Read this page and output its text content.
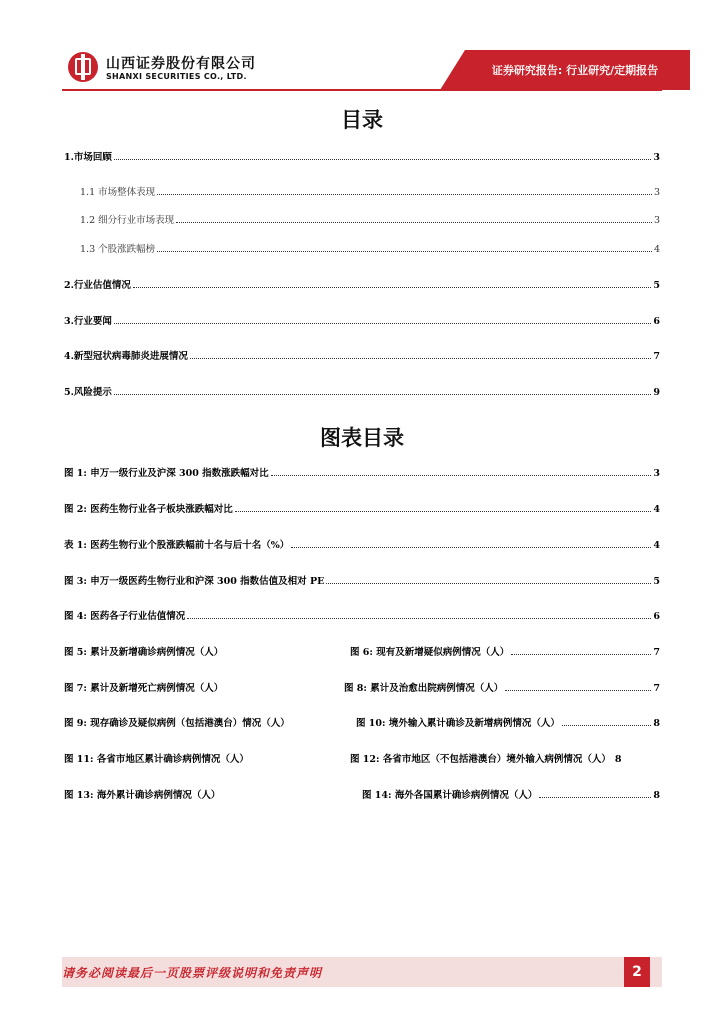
山西证券股份有限公司
SHANXI SECURITIES CO., LTD.	证券研究报告: 行业研究/定期报告
目录
1.市场回顾	3
1.1 市场整体表现	3
1.2 细分行业市场表现	3
1.3 个股涨跌幅榜	4
2.行业估值情况	5
3.行业要闻	6
4.新型冠状病毒肺炎进展情况	7
5.风险提示	9
图表目录
图 1: 申万一级行业及沪深 300 指数涨跌幅对比	3
图 2: 医药生物行业各子板块涨跌幅对比	4
表 1: 医药生物行业个股涨跌幅前十名与后十名（%）	4
图 3: 申万一级医药生物行业和沪深 300 指数估值及相对 PE	5
图 4: 医药各子行业估值情况	6
图 5: 累计及新增确诊病例情况（人）	图 6: 现有及新增疑似病例情况（人）	7
图 7: 累计及新增死亡病例情况（人）	图 8: 累计及治愈出院病例情况（人）	7
图 9: 现存确诊及疑似病例（包括港澳台）情况（人）	图 10: 境外输入累计确诊及新增病例情况（人）	8
图 11: 各省市地区累计确诊病例情况（人）	图 12: 各省市地区（不包括港澳台）境外输入病例情况（人） 8
图 13: 海外累计确诊病例情况（人）	图 14: 海外各国累计确诊病例情况（人）	8
请务必阅读最后一页股票评级说明和免责声明	2
